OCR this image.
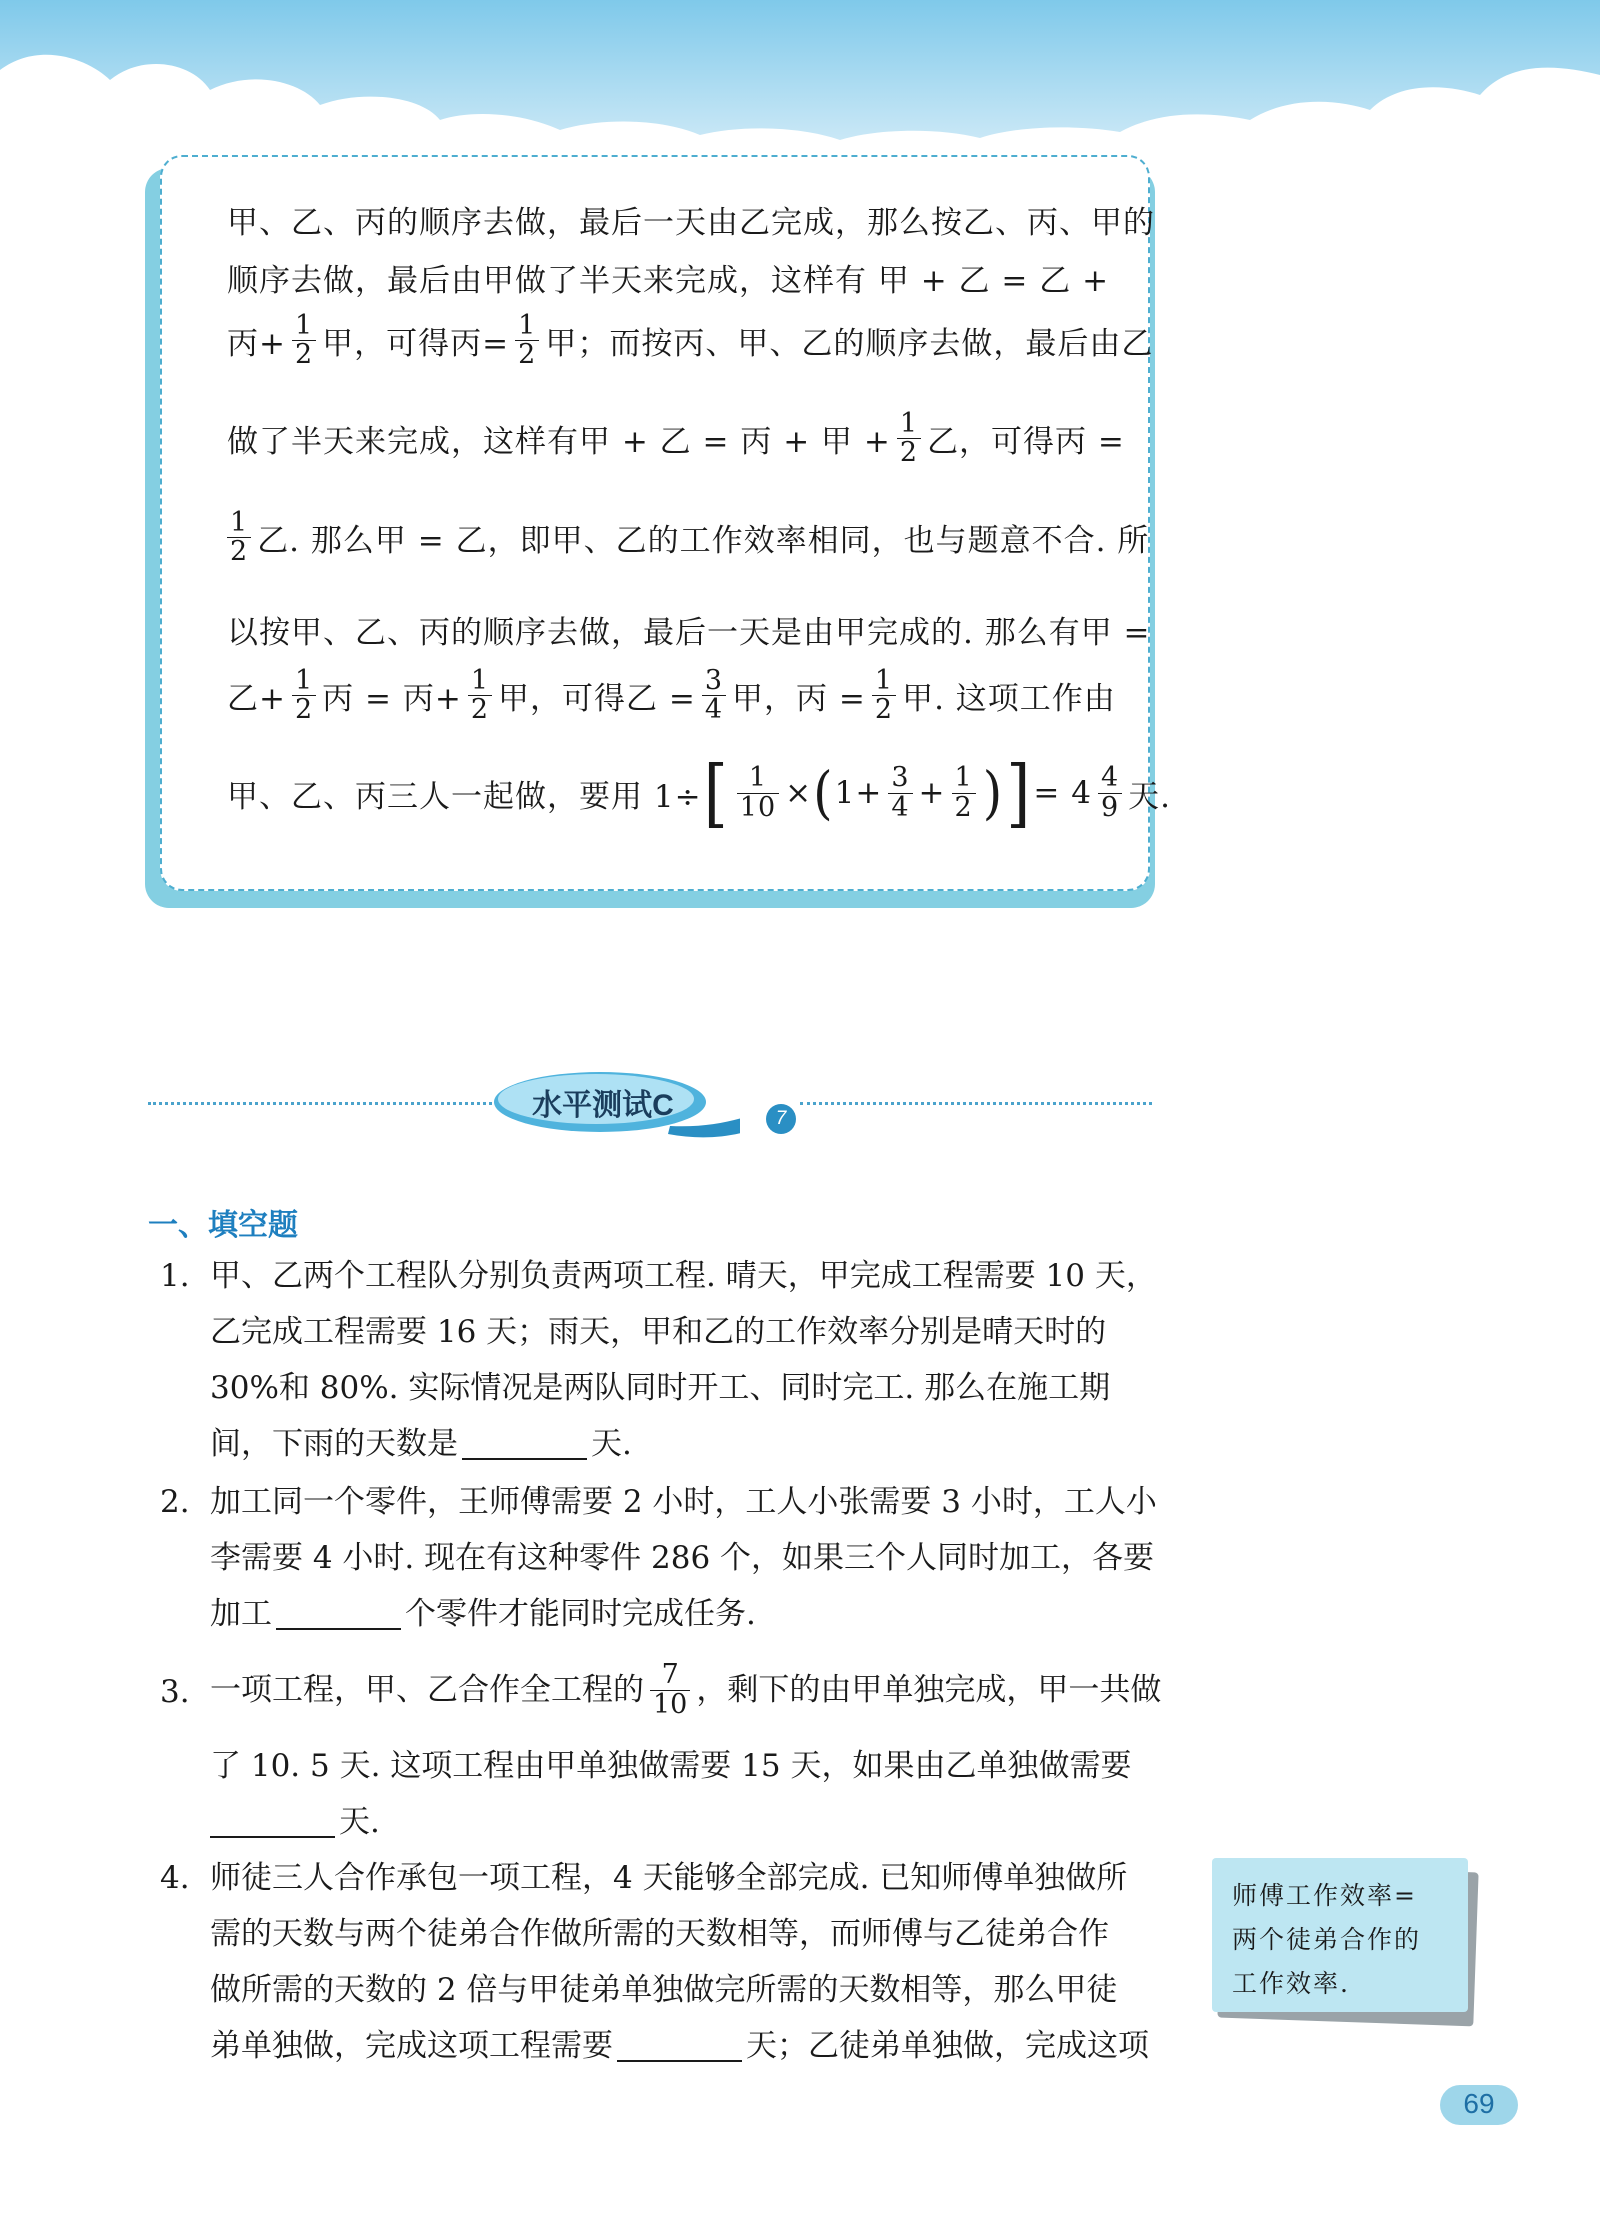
甲、乙、丙的顺序去做，最后一天由乙完成，那么按乙、丙、甲的
顺序去做，最后由甲做了半天来完成，这样有 甲 + 乙 = 乙 +
丙+ $\frac{1}{2}$ 甲，可得丙= $\frac{1}{2}$ 甲；而按丙、甲、乙的顺序去做，最后由乙
做了半天来完成，这样有甲 + 乙 = 丙 + 甲 + $\frac{1}{2}$ 乙，可得丙 =
$\frac{1}{2}$ 乙. 那么甲 = 乙，即甲、乙的工作效率相同，也与题意不合. 所
以按甲、乙、丙的顺序去做，最后一天是由甲完成的. 那么有甲 =
乙+ $\frac{1}{2}$ 丙 = 丙+ $\frac{1}{2}$ 甲，可得乙 = $\frac{3}{4}$ 甲，丙 = $\frac{1}{2}$ 甲. 这项工作由
甲、乙、丙三人一起做，要用 1÷ [ $\frac{1}{10}$ × ( $1+ \frac{3}{4} + \frac{1}{2}$ ) ] = $4 \frac{4}{9}$ 天.
水平测试C	7
一、填空题
1. 甲、乙两个工程队分别负责两项工程. 晴天，甲完成工程需要 10 天，
乙完成工程需要 16 天；雨天，甲和乙的工作效率分别是晴天时的
30%和 80%. 实际情况是两队同时开工、同时完工. 那么在施工期
间，下雨的天数是	天.
2. 加工同一个零件，王师傅需要 2 小时，工人小张需要 3 小时，工人小
李需要 4 小时. 现在有这种零件 286 个，如果三个人同时加工，各要
加工	个零件才能同时完成任务.
3. 一项工程，甲、乙合作全工程的 $\frac{7}{10}$ ，剩下的由甲单独完成，甲一共做
了 10. 5 天. 这项工程由甲单独做需要 15 天，如果由乙单独做需要
天.
4. 师徒三人合作承包一项工程，4 天能够全部完成. 已知师傅单独做所
需的天数与两个徒弟合作做所需的天数相等，而师傅与乙徒弟合作
做所需的天数的 2 倍与甲徒弟单独做完所需的天数相等，那么甲徒
弟单独做，完成这项工程需要	天；乙徒弟单独做，完成这项
师傅工作效率=
两个徒弟合作的
工作效率.
69
